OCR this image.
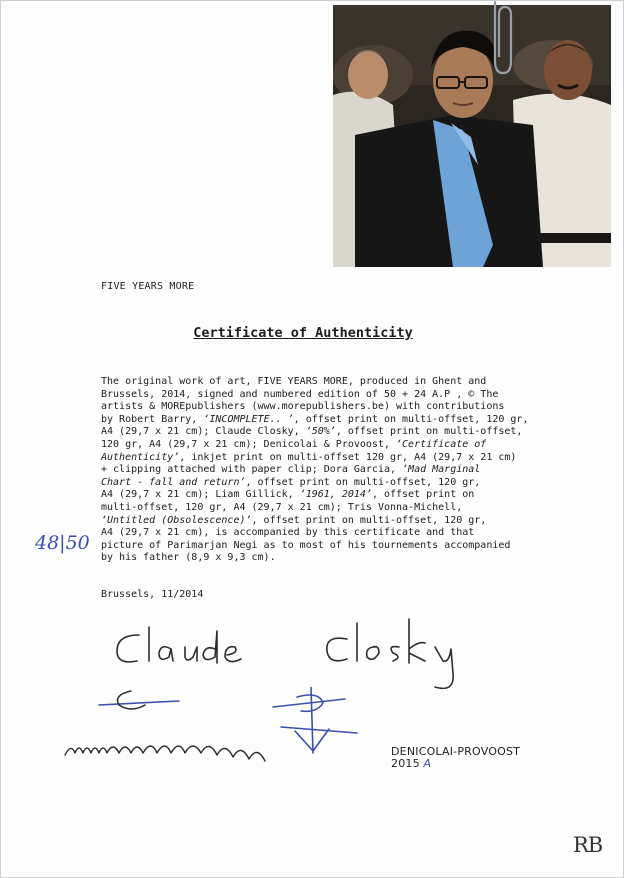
FIVE YEARS MORE
Certificate of Authenticity

The original work of art, FIVE YEARS MORE, produced in Ghent and

Brussels, 2014, signed and numbered edition of 50 + 24 A.P , © The

artists & MOREpublishers (www.morepublishers.be) with contributions

by Robert Barry, ‘INCOMPLETE.. ’, offset print on multi-offset, 120 gr,

A4 (29,7 x 21 cm); Claude Closky, ‘50%’, offset print on multi-offset,

120 gr, A4 (29,7 x 21 cm); Denicolai & Provoost, ‘Certificate of

Authenticity’, inkjet print on multi-offset 120 gr, A4 (29,7 x 21 cm)

+ clipping attached with paper clip; Dora Garcia, ‘Mad Marginal

Chart - fall and return’, offset print on multi-offset, 120 gr,

A4 (29,7 x 21 cm); Liam Gillick, ‘1961, 2014’, offset print on

multi-offset, 120 gr, A4 (29,7 x 21 cm); Tris Vonna-Michell,

‘Untitled (Obsolescence)’, offset print on multi-offset, 120 gr,

A4 (29,7 x 21 cm), is accompanied by this certificate and that

picture of Parimarjan Negi as to most of his tournements accompanied

by his father (8,9 x 9,3 cm).

48|50
Brussels, 11/2014
DENICOLAI-PROVOOST
2015 A
RB
